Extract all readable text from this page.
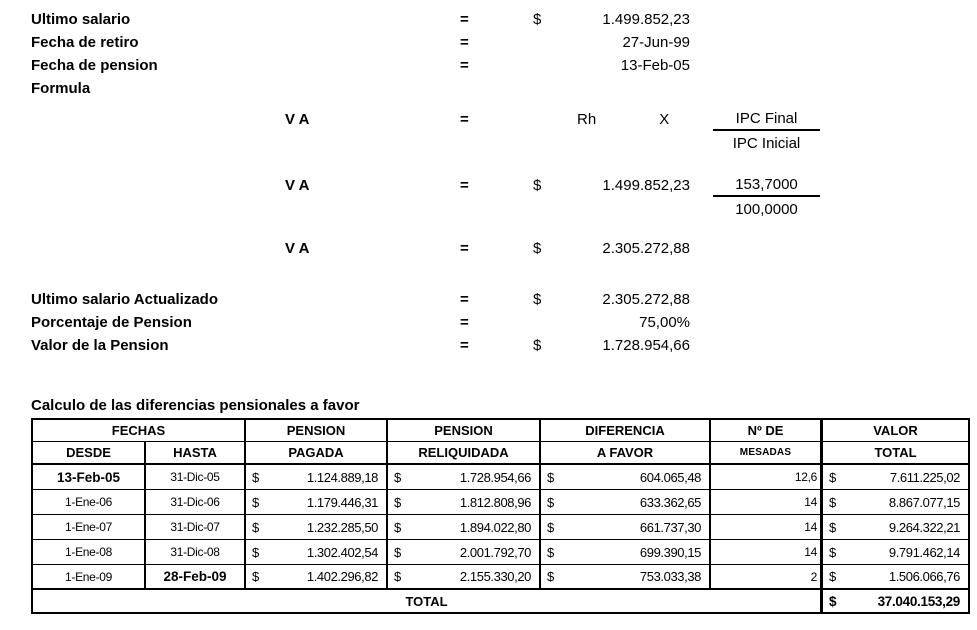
Ultimo salario	=	$	1.499.852,23
Fecha de retiro	=	27-Jun-99
Fecha de pension	=	13-Feb-05
Formula
V A	=	Rh	X	IPC Final
IPC Inicial
V A	=	$	1.499.852,23	153,7000
100,0000
V A	=	$	2.305.272,88
Ultimo salario Actualizado	=	$	2.305.272,88
Porcentaje de Pension	=	75,00%
Valor de la Pension	=	$	1.728.954,66
Calculo de las diferencias pensionales a favor
FECHAS	PENSION	PENSION	DIFERENCIA	Nº DE	VALOR
DESDE	HASTA	PAGADA	RELIQUIDADA	A FAVOR	MESADAS	TOTAL
13-Feb-05	31-Dic-05	$	1.124.889,18 $	1.728.954,66 $	604.065,48	12,6 $	7.611.225,02
1-Ene-06	31-Dic-06	$	1.179.446,31 $	1.812.808,96 $	633.362,65	14 $	8.867.077,15
1-Ene-07	31-Dic-07	$	1.232.285,50 $	1.894.022,80 $	661.737,30	14 $	9.264.322,21
1-Ene-08	31-Dic-08	$	1.302.402,54 $	2.001.792,70 $	699.390,15	14 $	9.791.462,14
1-Ene-09	28-Feb-09	$	1.402.296,82 $	2.155.330,20 $	753.033,38	2 $	1.506.066,76
TOTAL	$	37.040.153,29
